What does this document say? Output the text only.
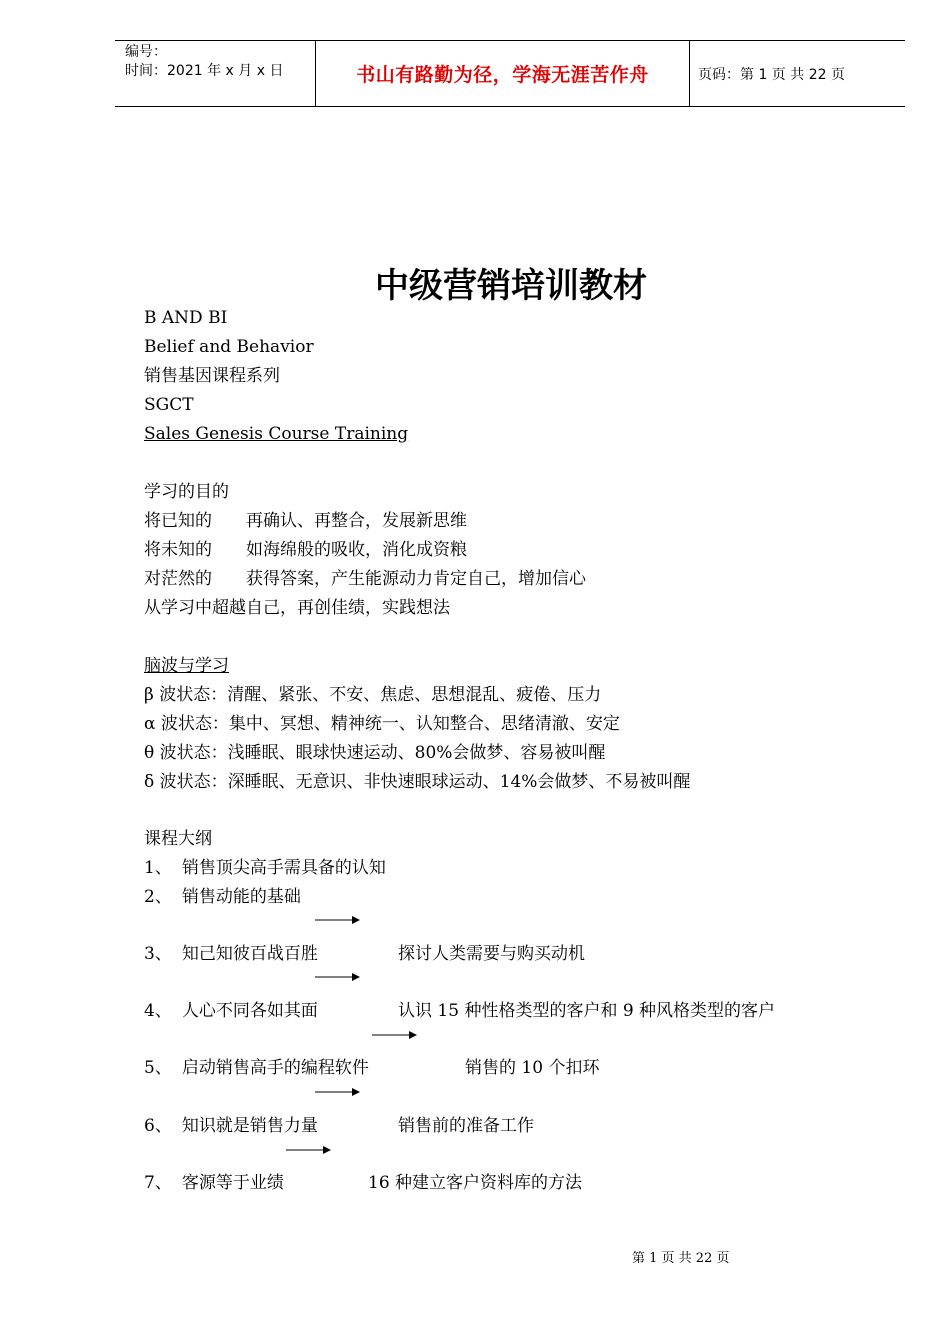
编号：
时间：2021 年 x 月 x 日	书山有路勤为径，学海无涯苦作舟	页码：第 1 页 共 22 页
中级营销培训教材
B AND BI
Belief and Behavior
销售基因课程系列
SGCT
Sales Genesis Course Training
学习的目的
将已知的 再确认、再整合，发展新思维
将未知的 如海绵般的吸收，消化成资粮
对茫然的 获得答案，产生能源动力肯定自己，增加信心
从学习中超越自己，再创佳绩，实践想法
脑波与学习
β 波状态：清醒、紧张、不安、焦虑、思想混乱、疲倦、压力
α 波状态：集中、冥想、精神统一、认知整合、思绪清澈、安定
θ 波状态：浅睡眠、眼球快速运动、80%会做梦、容易被叫醒
δ 波状态：深睡眠、无意识、非快速眼球运动、14%会做梦、不易被叫醒
课程大纲
1、 销售顶尖高手需具备的认知
2、 销售动能的基础
3、 知己知彼百战百胜	探讨人类需要与购买动机
4、 人心不同各如其面	认识 15 种性格类型的客户和 9 种风格类型的客户
5、 启动销售高手的编程软件	销售的 10 个扣环
6、 知识就是销售力量	销售前的准备工作
7、 客源等于业绩	16 种建立客户资料库的方法
第 1 页 共 22 页
